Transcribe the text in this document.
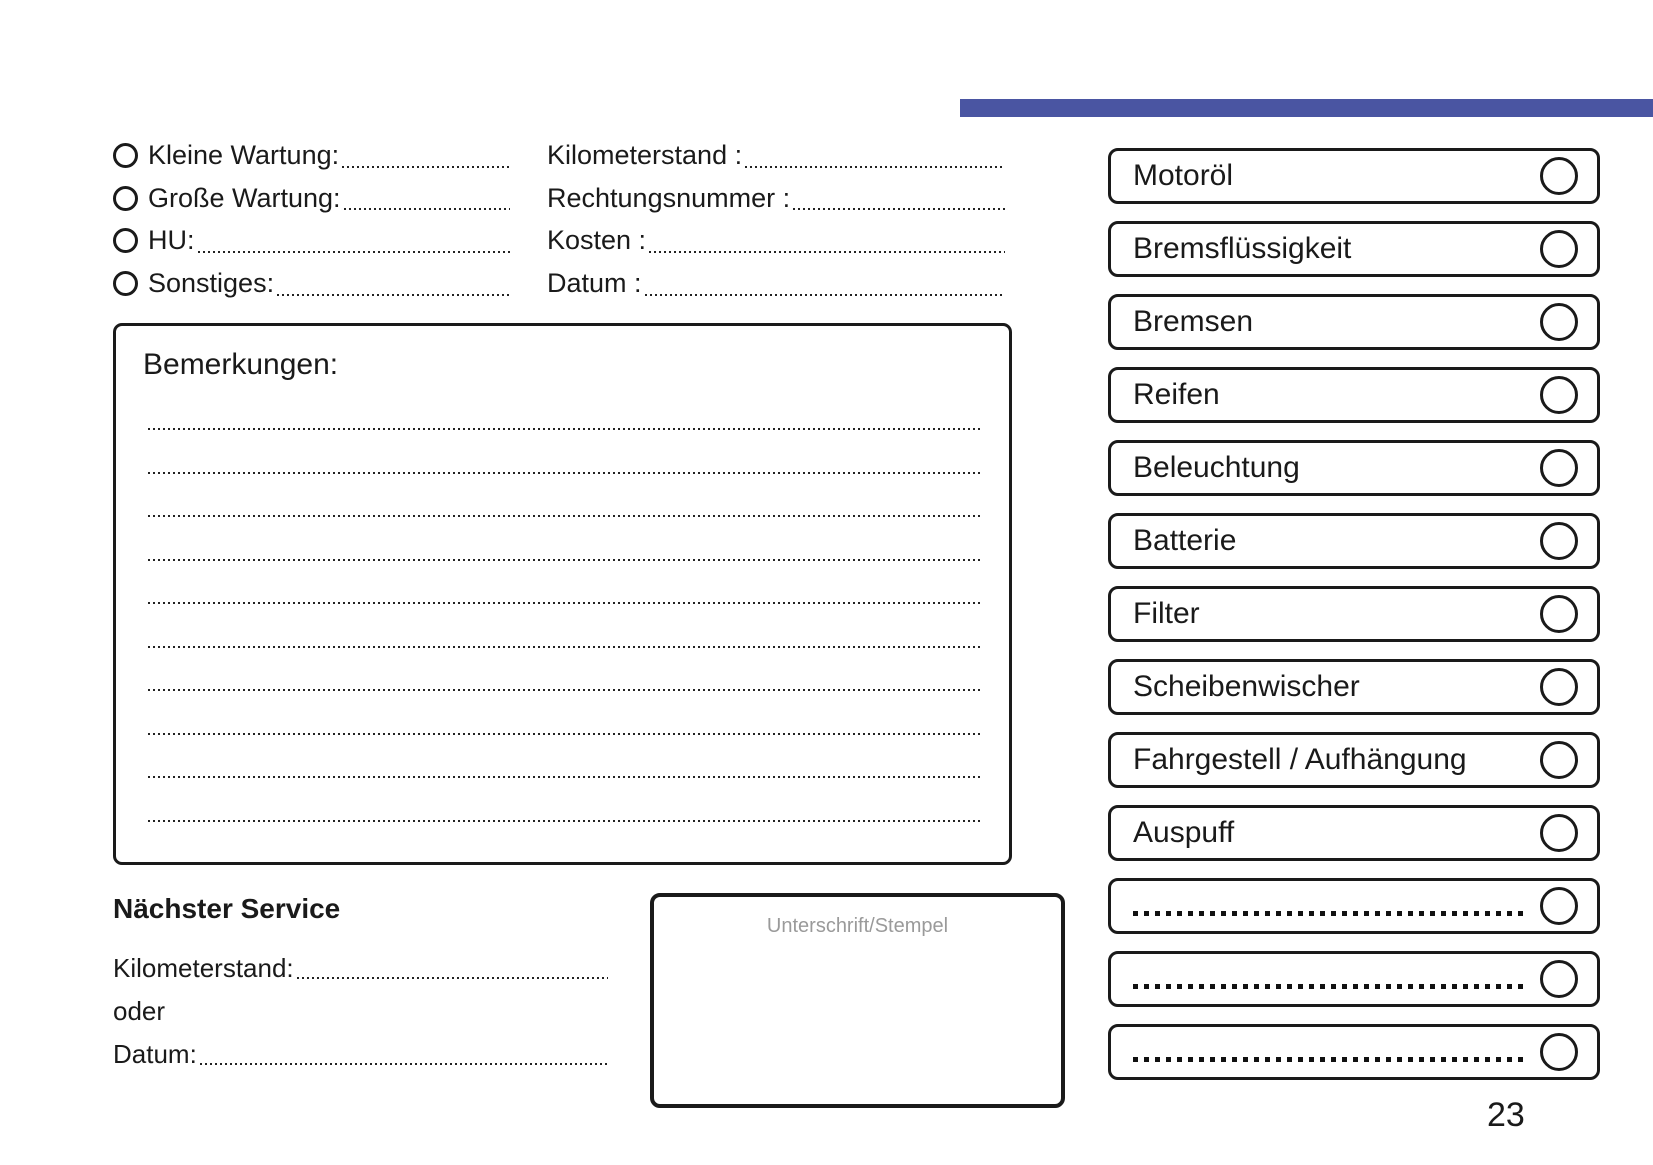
Kleine Wartung:
Große Wartung:
HU:
Sonstiges:
Kilometerstand :
Rechtungsnummer :
Kosten :
Datum :
Bemerkungen:
Nächster Service
Kilometerstand:
oder
Datum:
Unterschrift/Stempel
Motoröl
Bremsflüssigkeit
Bremsen
Reifen
Beleuchtung
Batterie
Filter
Scheibenwischer
Fahrgestell / Aufhängung
Auspuff
23
